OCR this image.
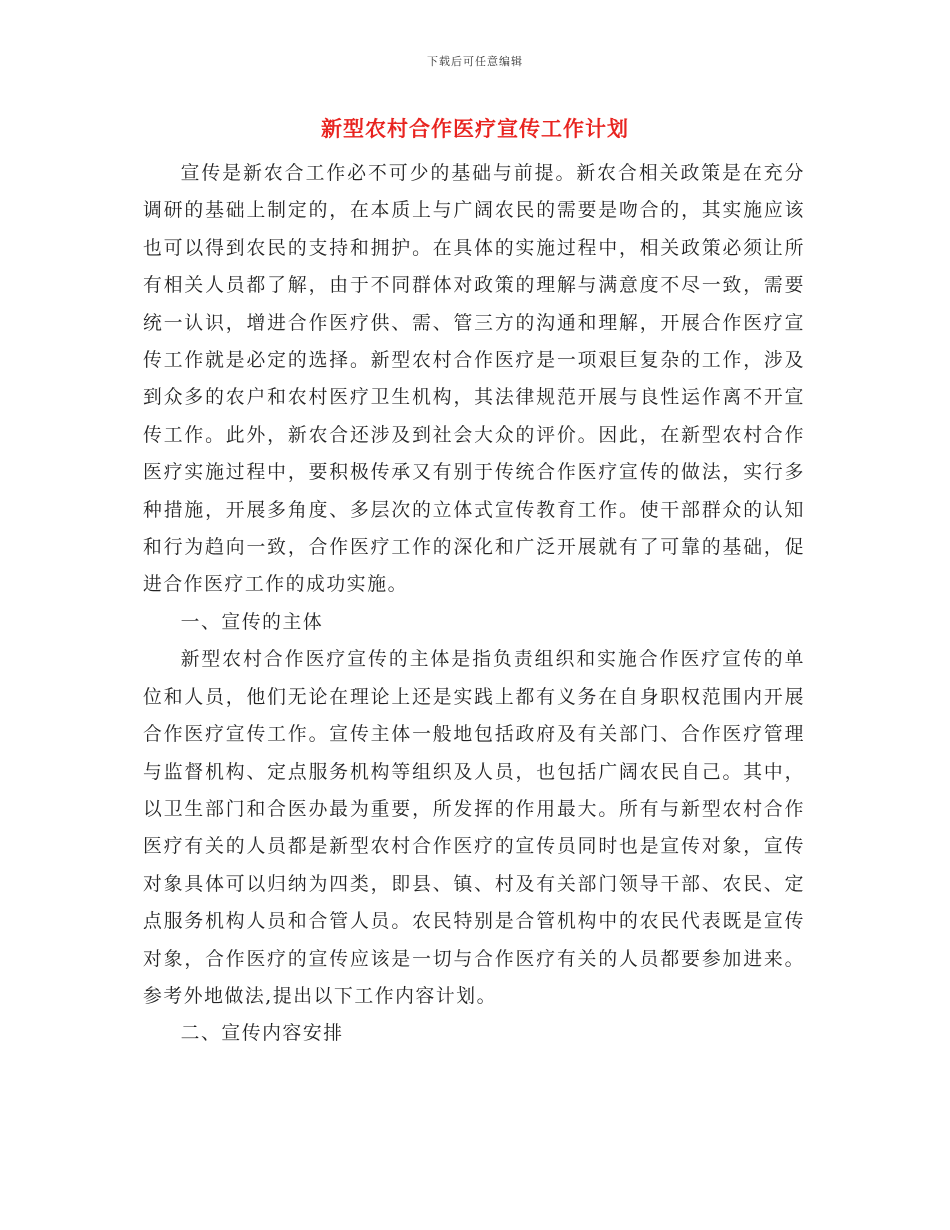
下载后可任意编辑
新型农村合作医疗宣传工作计划

宣传是新农合工作必不可少的基础与前提。新农合相关政策是在充分调研的基础上制定的，在本质上与广阔农民的需要是吻合的，其实施应该也可以得到农民的支持和拥护。在具体的实施过程中，相关政策必须让所有相关人员都了解，由于不同群体对政策的理解与满意度不尽一致，需要统一认识，增进合作医疗供、需、管三方的沟通和理解，开展合作医疗宣传工作就是必定的选择。新型农村合作医疗是一项艰巨复杂的工作，涉及到众多的农户和农村医疗卫生机构，其法律规范开展与良性运作离不开宣传工作。此外，新农合还涉及到社会大众的评价。因此，在新型农村合作医疗实施过程中，要积极传承又有别于传统合作医疗宣传的做法，实行多种措施，开展多角度、多层次的立体式宣传教育工作。使干部群众的认知和行为趋向一致，合作医疗工作的深化和广泛开展就有了可靠的基础，促进合作医疗工作的成功实施。

一、宣传的主体

新型农村合作医疗宣传的主体是指负责组织和实施合作医疗宣传的单位和人员，他们无论在理论上还是实践上都有义务在自身职权范围内开展合作医疗宣传工作。宣传主体一般地包括政府及有关部门、合作医疗管理与监督机构、定点服务机构等组织及人员，也包括广阔农民自己。其中，以卫生部门和合医办最为重要，所发挥的作用最大。所有与新型农村合作医疗有关的人员都是新型农村合作医疗的宣传员同时也是宣传对象，宣传对象具体可以归纳为四类，即县、镇、村及有关部门领导干部、农民、定点服务机构人员和合管人员。农民特别是合管机构中的农民代表既是宣传对象，合作医疗的宣传应该是一切与合作医疗有关的人员都要参加进来。参考外地做法,提出以下工作内容计划。

二、宣传内容安排
